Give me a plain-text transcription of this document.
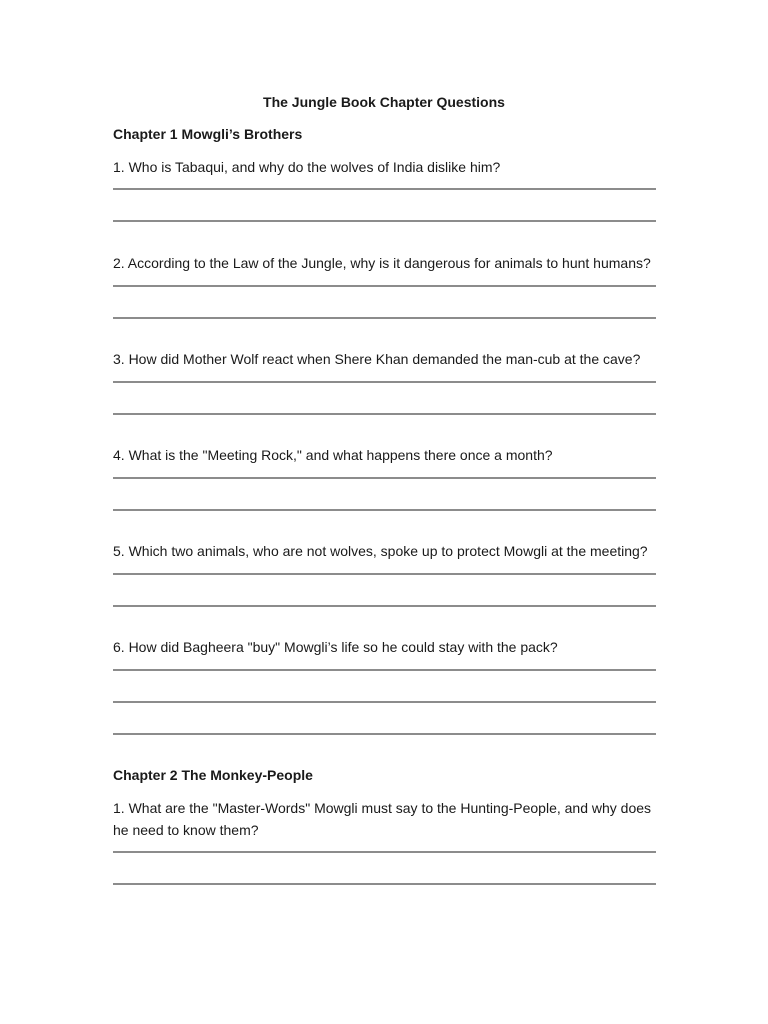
The Jungle Book Chapter Questions
Chapter 1 Mowgli’s Brothers
1. Who is Tabaqui, and why do the wolves of India dislike him?
2. According to the Law of the Jungle, why is it dangerous for animals to hunt humans?
3. How did Mother Wolf react when Shere Khan demanded the man-cub at the cave?
4. What is the "Meeting Rock," and what happens there once a month?
5. Which two animals, who are not wolves, spoke up to protect Mowgli at the meeting?
6. How did Bagheera "buy" Mowgli’s life so he could stay with the pack?
Chapter 2 The Monkey-People
1. What are the "Master-Words" Mowgli must say to the Hunting-People, and why does he need to know them?
